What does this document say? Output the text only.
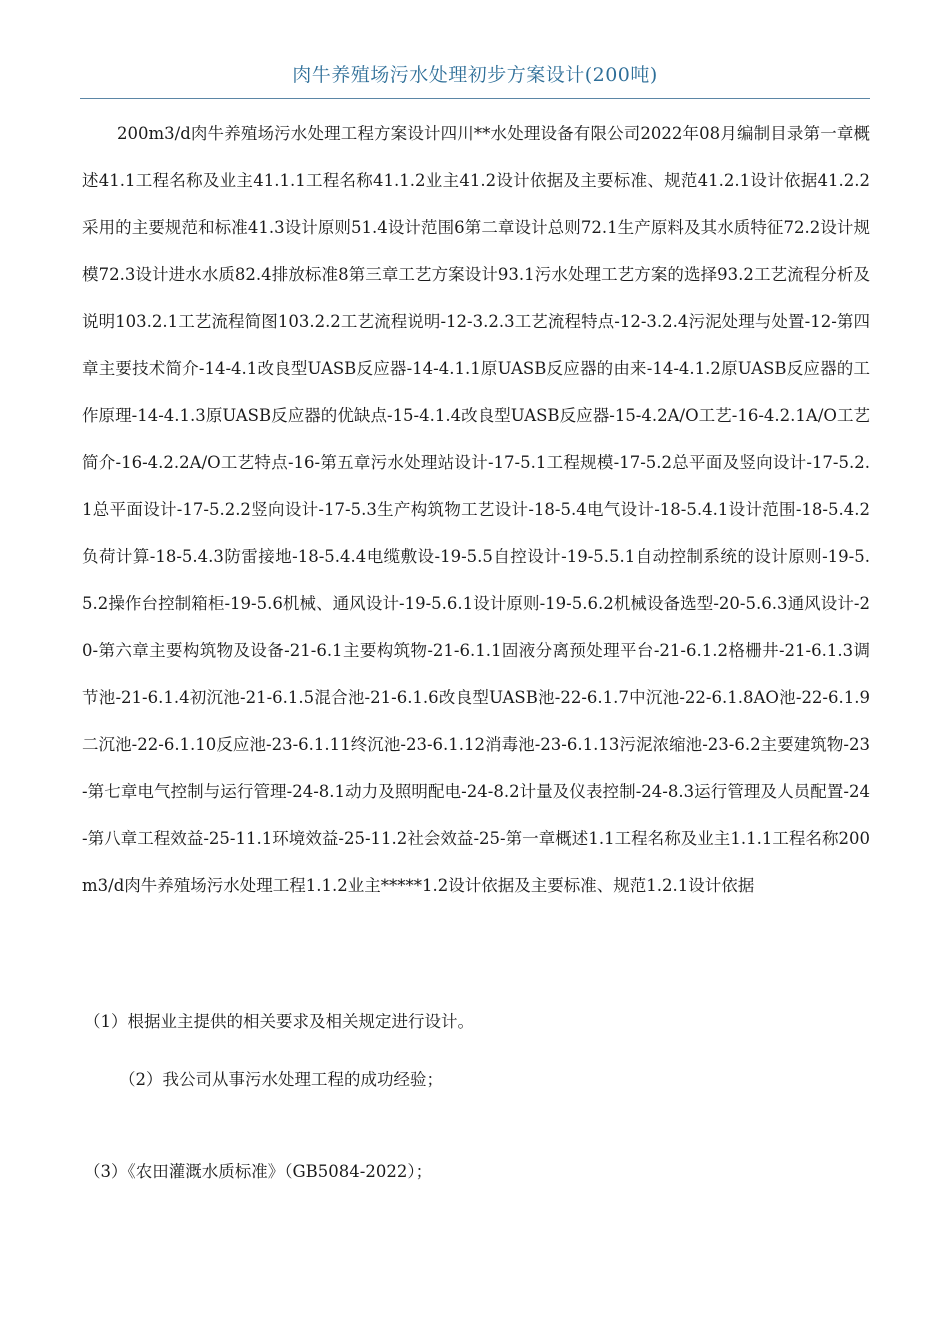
肉牛养殖场污水处理初步方案设计(200吨)

200m3/d肉牛养殖场污水处理工程方案设计四川**水处理设备有限公司2022年08月编制目录第一章概述41.1工程名称及业主41.1.1工程名称41.1.2业主41.2设计依据及主要标准、规范41.2.1设计依据41.2.2采用的主要规范和标准41.3设计原则51.4设计范围6第二章设计总则72.1生产原料及其水质特征72.2设计规模72.3设计进水水质82.4排放标准8第三章工艺方案设计93.1污水处理工艺方案的选择93.2工艺流程分析及说明103.2.1工艺流程简图103.2.2工艺流程说明-12-3.2.3工艺流程特点-12-3.2.4污泥处理与处置-12-第四章主要技术简介-14-4.1改良型UASB反应器-14-4.1.1原UASB反应器的由来-14-4.1.2原UASB反应器的工作原理-14-4.1.3原UASB反应器的优缺点-15-4.1.4改良型UASB反应器-15-4.2A/O工艺-16-4.2.1A/O工艺简介-16-4.2.2A/O工艺特点-16-第五章污水处理站设计-17-5.1工程规模-17-5.2总平面及竖向设计-17-5.2.1总平面设计-17-5.2.2竖向设计-17-5.3生产构筑物工艺设计-18-5.4电气设计-18-5.4.1设计范围-18-5.4.2负荷计算-18-5.4.3防雷接地-18-5.4.4电缆敷设-19-5.5自控设计-19-5.5.1自动控制系统的设计原则-19-5.5.2操作台控制箱柜-19-5.6机械、通风设计-19-5.6.1设计原则-19-5.6.2机械设备选型-20-5.6.3通风设计-20-第六章主要构筑物及设备-21-6.1主要构筑物-21-6.1.1固液分离预处理平台-21-6.1.2格栅井-21-6.1.3调节池-21-6.1.4初沉池-21-6.1.5混合池-21-6.1.6改良型UASB池-22-6.1.7中沉池-22-6.1.8AO池-22-6.1.9二沉池-22-6.1.10反应池-23-6.1.11终沉池-23-6.1.12消毒池-23-6.1.13污泥浓缩池-23-6.2主要建筑物-23-第七章电气控制与运行管理-24-8.1动力及照明配电-24-8.2计量及仪表控制-24-8.3运行管理及人员配置-24-第八章工程效益-25-11.1环境效益-25-11.2社会效益-25-第一章概述1.1工程名称及业主1.1.1工程名称200m3/d肉牛养殖场污水处理工程1.1.2业主*****1.2设计依据及主要标准、规范1.2.1设计依据

（1）根据业主提供的相关要求及相关规定进行设计。

（2）我公司从事污水处理工程的成功经验；

（3）《农田灌溉水质标准》（GB5084-2022）；
